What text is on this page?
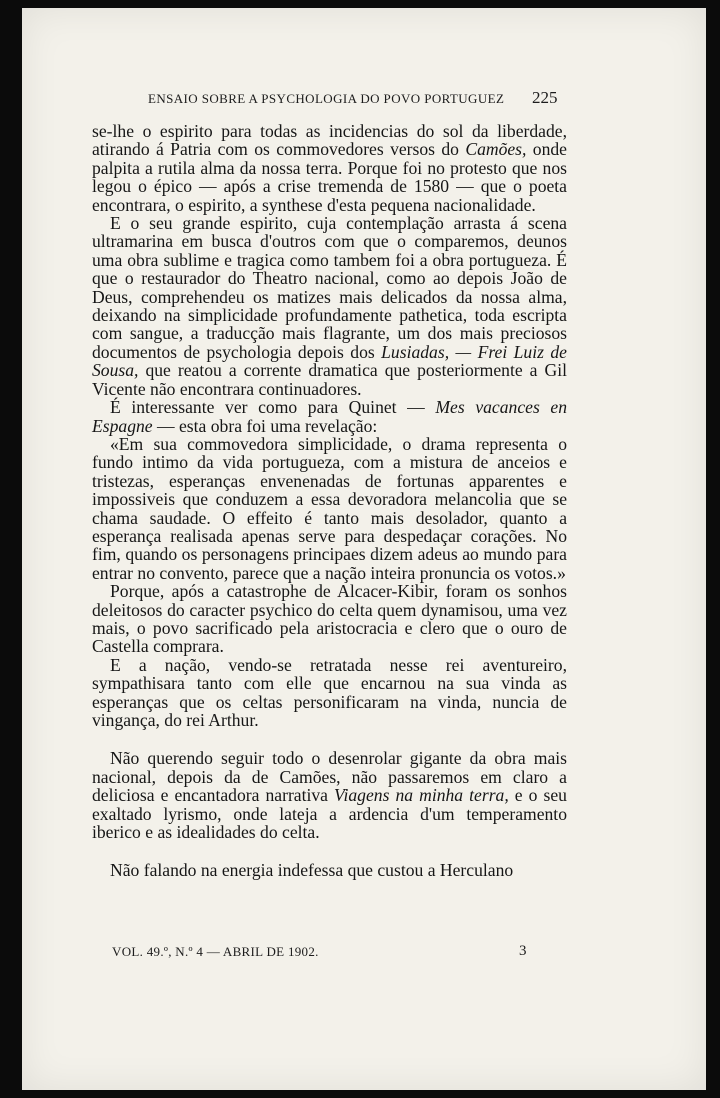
ENSAIO SOBRE A PSYCHOLOGIA DO POVO PORTUGUEZ	225

se-lhe o espirito para todas as incidencias do sol da liberdade, atirando á Patria com os commovedores versos do Camões, onde palpita a rutila alma da nossa terra. Porque foi no protesto que nos legou o épico — após a crise tremenda de 1580 — que o poeta encontrara, o espirito, a synthese d'esta pequena nacionalidade.

E o seu grande espirito, cuja contemplação arrasta á scena ultramarina em busca d'outros com que o comparemos, deunos uma obra sublime e tragica como tambem foi a obra portugueza. É que o restaurador do Theatro nacional, como ao depois João de Deus, comprehendeu os matizes mais delicados da nossa alma, deixando na simplicidade profundamente pathetica, toda escripta com sangue, a traducção mais flagrante, um dos mais preciosos documentos de psychologia depois dos Lusiadas, — Frei Luiz de Sousa, que reatou a corrente dramatica que posteriormente a Gil Vicente não encontrara continuadores.

É interessante ver como para Quinet — Mes vacances en Espagne — esta obra foi uma revelação:

«Em sua commovedora simplicidade, o drama representa o fundo intimo da vida portugueza, com a mistura de anceios e tristezas, esperanças envenenadas de fortunas apparentes e impossiveis que conduzem a essa devoradora melancolia que se chama saudade. O effeito é tanto mais desolador, quanto a esperança realisada apenas serve para despedaçar corações. No fim, quando os personagens principaes dizem adeus ao mundo para entrar no convento, parece que a nação inteira pronuncia os votos.»

Porque, após a catastrophe de Alcacer-Kibir, foram os sonhos deleitosos do caracter psychico do celta quem dynamisou, uma vez mais, o povo sacrificado pela aristocracia e clero que o ouro de Castella comprara.

E a nação, vendo-se retratada nesse rei aventureiro, sympathisara tanto com elle que encarnou na sua vinda as esperanças que os celtas personificaram na vinda, nuncia de vingança, do rei Arthur.

Não querendo seguir todo o desenrolar gigante da obra mais nacional, depois da de Camões, não passaremos em claro a deliciosa e encantadora narrativa Viagens na minha terra, e o seu exaltado lyrismo, onde lateja a ardencia d'um temperamento iberico e as idealidades do celta.

Não falando na energia indefessa que custou a Herculano

VOL. 49.º, N.º 4 — ABRIL DE 1902.	3
